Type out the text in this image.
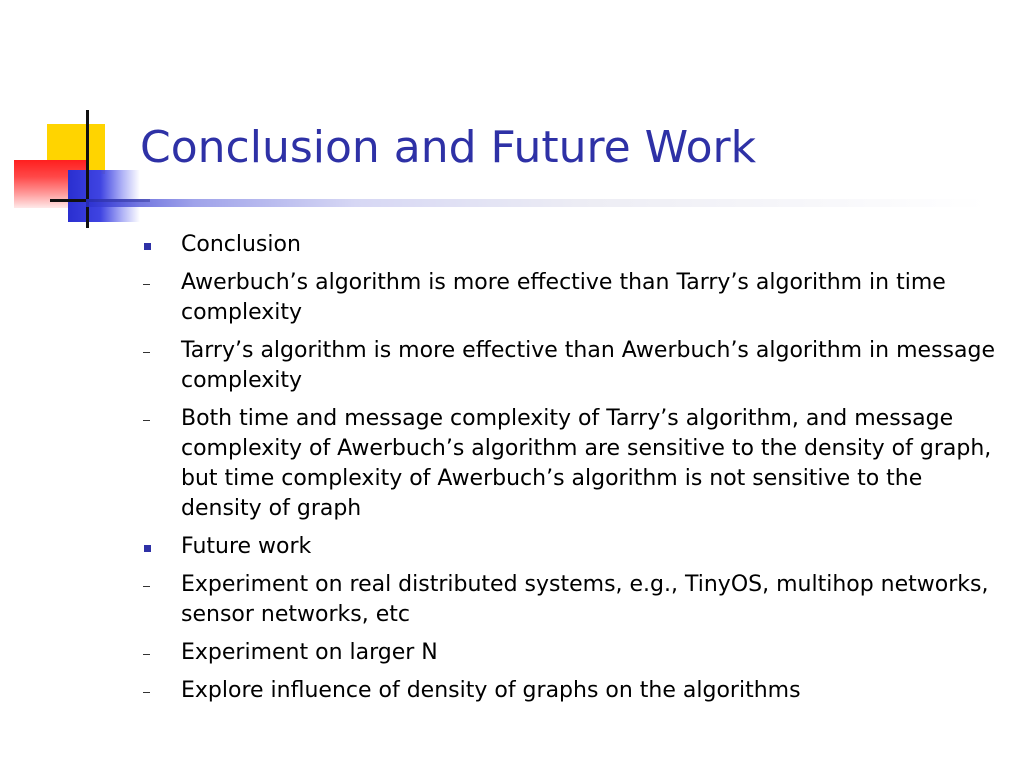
Conclusion and Future Work
Conclusion
Awerbuch’s algorithm is more effective than Tarry’s algorithm in time complexity
Tarry’s algorithm is more effective than Awerbuch’s algorithm in message complexity
Both time and message complexity of Tarry’s algorithm, and message complexity of Awerbuch’s algorithm are sensitive to the density of graph, but time complexity of Awerbuch’s algorithm is not sensitive to the density of graph
Future work
Experiment on real distributed systems, e.g., TinyOS, multihop networks, sensor networks, etc
Experiment on larger N
Explore influence of density of graphs on the algorithms
